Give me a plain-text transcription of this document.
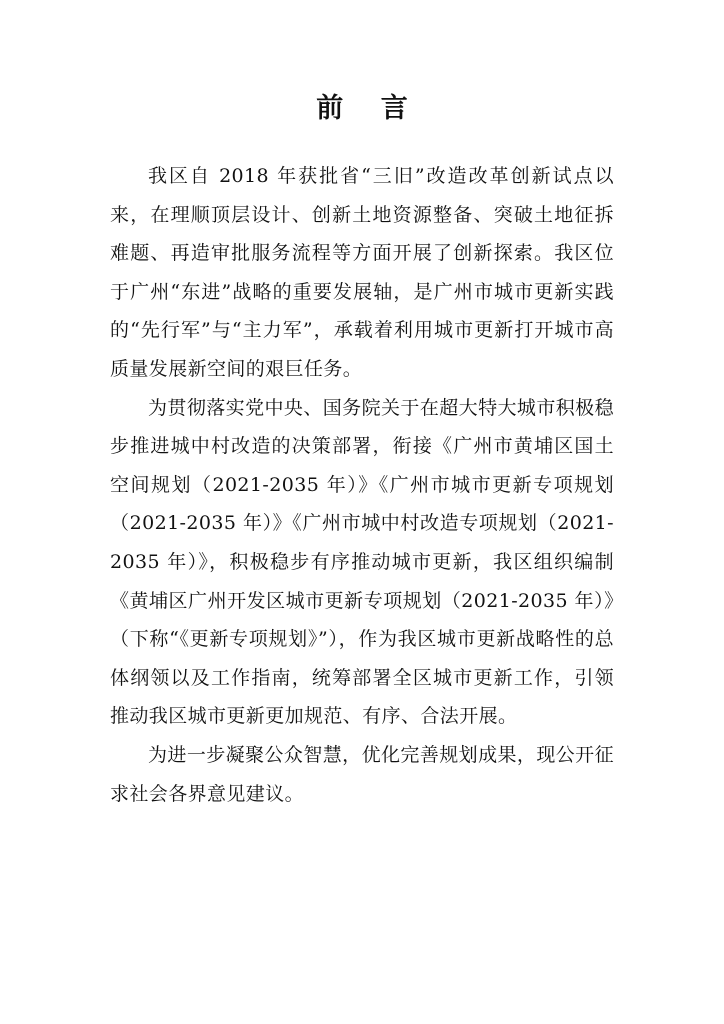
前 言

我区自 2018 年获批省“三旧”改造改革创新试点以来，在理顺顶层设计、创新土地资源整备、突破土地征拆难题、再造审批服务流程等方面开展了创新探索。我区位于广州“东进”战略的重要发展轴，是广州市城市更新实践的“先行军”与“主力军”，承载着利用城市更新打开城市高质量发展新空间的艰巨任务。

为贯彻落实党中央、国务院关于在超大特大城市积极稳步推进城中村改造的决策部署，衔接《广州市黄埔区国土空间规划（2021-2035 年）》《广州市城市更新专项规划（2021-2035 年）》《广州市城中村改造专项规划（2021-2035 年）》，积极稳步有序推动城市更新，我区组织编制《黄埔区广州开发区城市更新专项规划（2021-2035 年）》（下称“《更新专项规划》”），作为我区城市更新战略性的总体纲领以及工作指南，统筹部署全区城市更新工作，引领推动我区城市更新更加规范、有序、合法开展。

为进一步凝聚公众智慧，优化完善规划成果，现公开征求社会各界意见建议。
